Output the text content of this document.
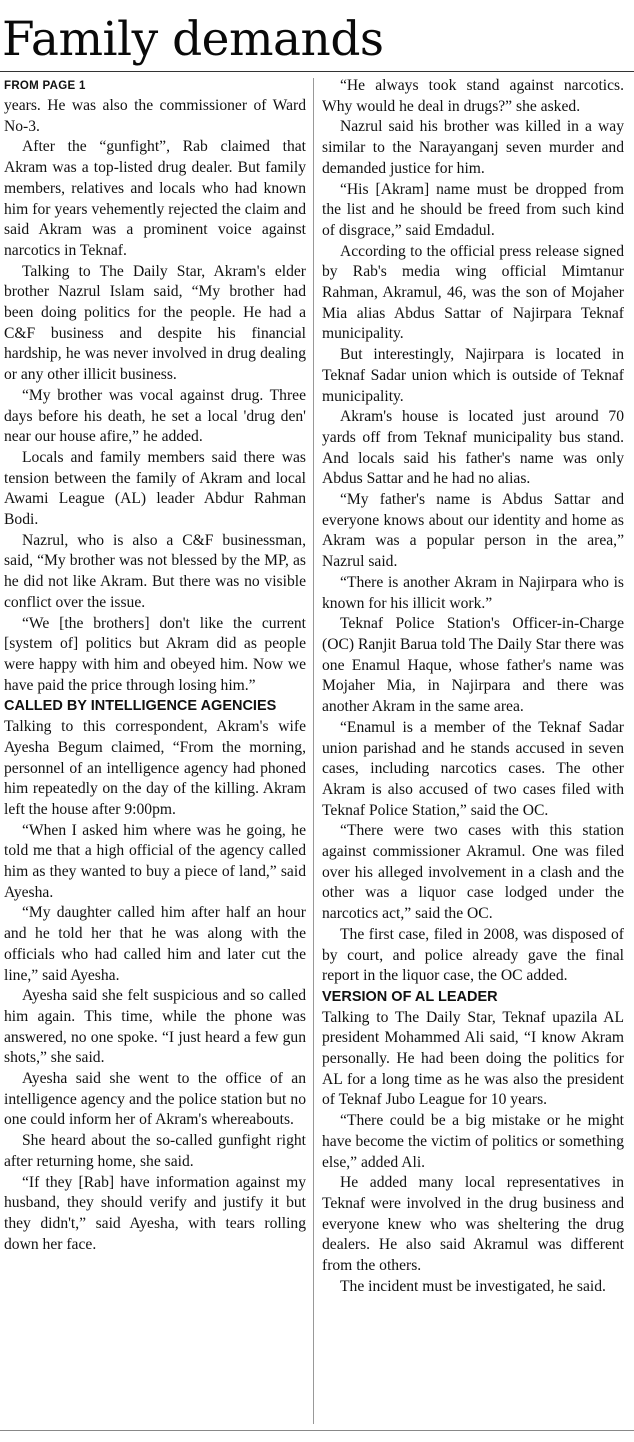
Family demands
FROM PAGE 1

years. He was also the commissioner of Ward No-3.

After the “gunfight”, Rab claimed that Akram was a top-listed drug dealer. But family members, relatives and locals who had known him for years vehemently rejected the claim and said Akram was a prominent voice against narcotics in Teknaf.

Talking to The Daily Star, Akram's elder brother Nazrul Islam said, “My brother had been doing politics for the people. He had a C&F business and despite his financial hardship, he was never involved in drug dealing or any other illicit business.

“My brother was vocal against drug. Three days before his death, he set a local 'drug den' near our house afire,” he added.

Locals and family members said there was tension between the family of Akram and local Awami League (AL) leader Abdur Rahman Bodi.

Nazrul, who is also a C&F businessman, said, “My brother was not blessed by the MP, as he did not like Akram. But there was no visible conflict over the issue.

“We [the brothers] don't like the current [system of] politics but Akram did as people were happy with him and obeyed him. Now we have paid the price through losing him.”

CALLED BY INTELLIGENCE AGENCIES

Talking to this correspondent, Akram's wife Ayesha Begum claimed, “From the morning, personnel of an intelligence agency had phoned him repeatedly on the day of the killing. Akram left the house after 9:00pm.

“When I asked him where was he going, he told me that a high official of the agency called him as they wanted to buy a piece of land,” said Ayesha.

“My daughter called him after half an hour and he told her that he was along with the officials who had called him and later cut the line,” said Ayesha.

Ayesha said she felt suspicious and so called him again. This time, while the phone was answered, no one spoke. “I just heard a few gun shots,” she said.

Ayesha said she went to the office of an intelligence agency and the police station but no one could inform her of Akram's whereabouts.

She heard about the so-called gunfight right after returning home, she said.

“If they [Rab] have information against my husband, they should verify and justify it but they didn't,” said Ayesha, with tears rolling down her face.

“He always took stand against narcotics. Why would he deal in drugs?” she asked.

Nazrul said his brother was killed in a way similar to the Narayanganj seven murder and demanded justice for him.

“His [Akram] name must be dropped from the list and he should be freed from such kind of disgrace,” said Emdadul.

According to the official press release signed by Rab's media wing official Mimtanur Rahman, Akramul, 46, was the son of Mojaher Mia alias Abdus Sattar of Najirpara Teknaf municipality.

But interestingly, Najirpara is located in Teknaf Sadar union which is outside of Teknaf municipality.

Akram's house is located just around 70 yards off from Teknaf municipality bus stand. And locals said his father's name was only Abdus Sattar and he had no alias.

“My father's name is Abdus Sattar and everyone knows about our identity and home as Akram was a popular person in the area,” Nazrul said.

“There is another Akram in Najirpara who is known for his illicit work.”

Teknaf Police Station's Officer-in-Charge (OC) Ranjit Barua told The Daily Star there was one Enamul Haque, whose father's name was Mojaher Mia, in Najirpara and there was another Akram in the same area.

“Enamul is a member of the Teknaf Sadar union parishad and he stands accused in seven cases, including narcotics cases. The other Akram is also accused of two cases filed with Teknaf Police Station,” said the OC.

“There were two cases with this station against commissioner Akramul. One was filed over his alleged involvement in a clash and the other was a liquor case lodged under the narcotics act,” said the OC.

The first case, filed in 2008, was disposed of by court, and police already gave the final report in the liquor case, the OC added.

VERSION OF AL LEADER

Talking to The Daily Star, Teknaf upazila AL president Mohammed Ali said, “I know Akram personally. He had been doing the politics for AL for a long time as he was also the president of Teknaf Jubo League for 10 years.

“There could be a big mistake or he might have become the victim of politics or something else,” added Ali.

He added many local representatives in Teknaf were involved in the drug business and everyone knew who was sheltering the drug dealers. He also said Akramul was different from the others.

The incident must be investigated, he said.
